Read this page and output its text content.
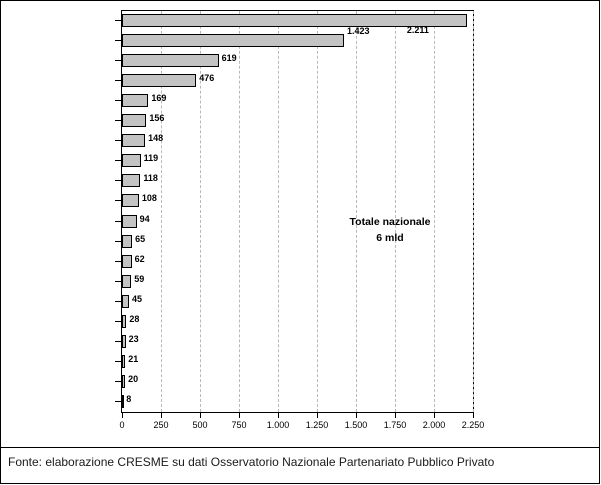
2.211
1.423
619
476
169
156
148
119
118
108
94
65
62
59
45
28
23
21
20
8
0	250	500	750 1.000 1.250 1.500 1.750 2.000 2.250
Totale nazionale
6 mld
Fonte: elaborazione CRESME su dati Osservatorio Nazionale Partenariato Pubblico Privato
